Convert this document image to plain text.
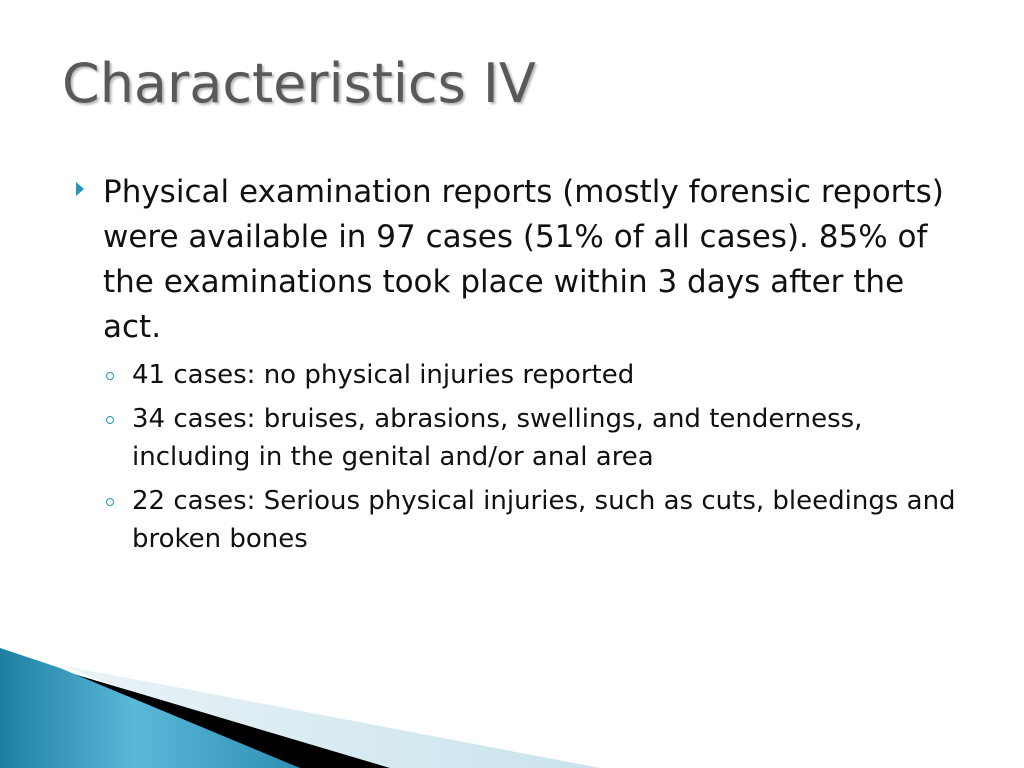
Characteristics IV
Physical examination reports (mostly forensic reports) were available in 97 cases (51% of all cases). 85% of the examinations took place within 3 days after the act.
41 cases: no physical injuries reported
34 cases: bruises, abrasions, swellings, and tenderness, including in the genital and/or anal area
22 cases: Serious physical injuries, such as cuts, bleedings and broken bones
